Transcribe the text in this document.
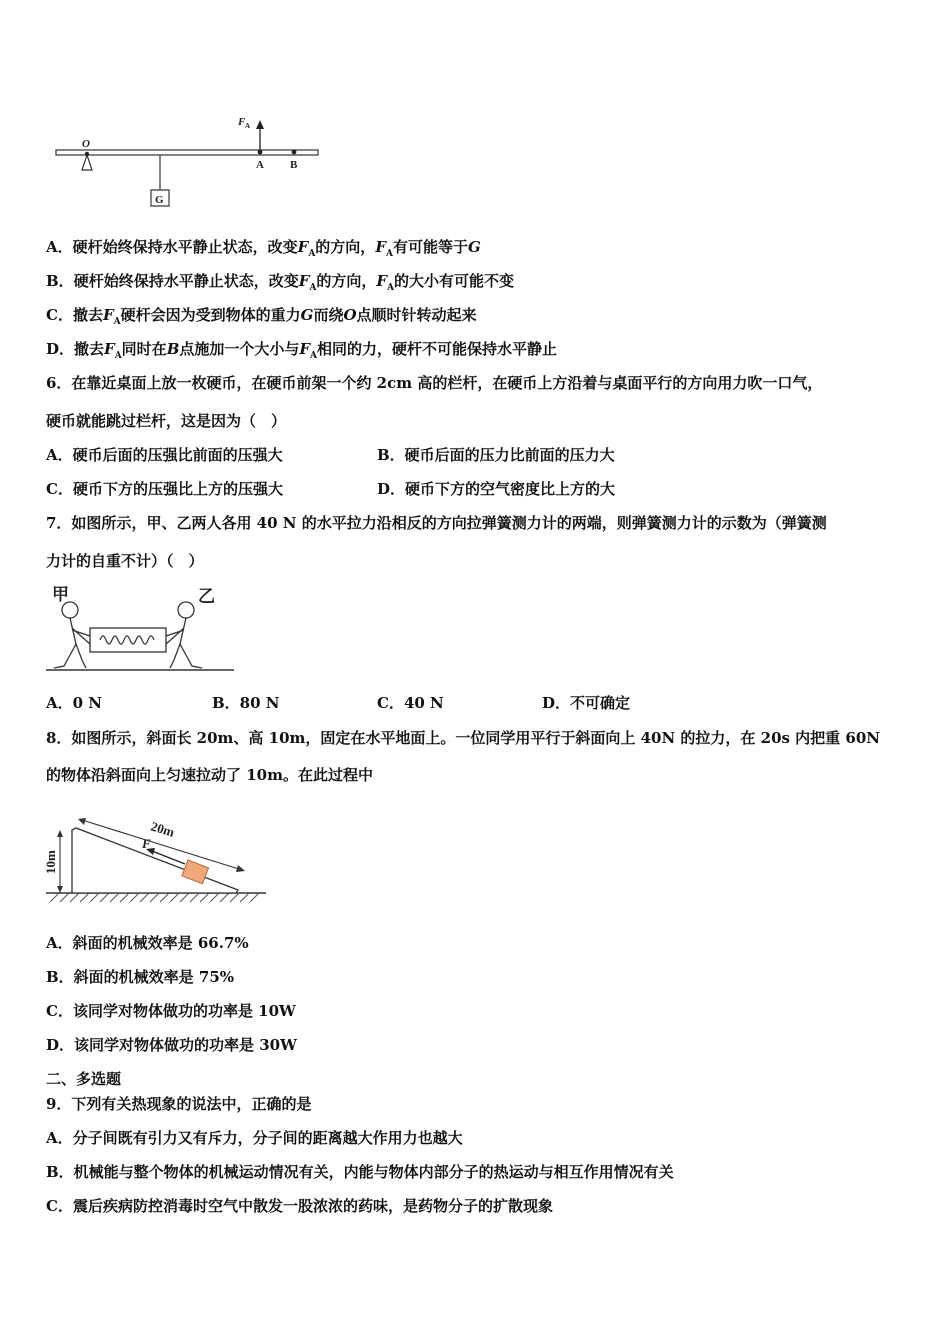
O
G
F A
A B
A．硬杆始终保持水平静止状态，改变$F_A$的方向，$F_A$有可能等于G
B．硬杆始终保持水平静止状态，改变$F_A$的方向，$F_A$的大小有可能不变
C．撤去$F_A$硬杆会因为受到物体的重力G而绕O点顺时针转动起来
D．撤去$F_A$同时在B点施加一个大小与$F_A$相同的力，硬杆不可能保持水平静止
6．在靠近桌面上放一枚硬币，在硬币前架一个约 2cm 高的栏杆，在硬币上方沿着与桌面平行的方向用力吹一口气，
硬币就能跳过栏杆，这是因为（　）
A．硬币后面的压强比前面的压强大	B．硬币后面的压力比前面的压力大
C．硬币下方的压强比上方的压强大	D．硬币下方的空气密度比上方的大
7．如图所示，甲、乙两人各用 40 N 的水平拉力沿相反的方向拉弹簧测力计的两端，则弹簧测力计的示数为（弹簧测
力计的自重不计）（　）
甲	乙
A．0 N	B．80 N	C．40 N	D．不可确定
8．如图所示，斜面长 20m、高 10m，固定在水平地面上。一位同学用平行于斜面向上 40N 的拉力，在 20s 内把重 60N
的物体沿斜面向上匀速拉动了 10m。在此过程中
10m
20m
F
A．斜面的机械效率是 66.7%
B．斜面的机械效率是 75%
C．该同学对物体做功的功率是 10W
D．该同学对物体做功的功率是 30W
二、多选题
9．下列有关热现象的说法中，正确的是
A．分子间既有引力又有斥力，分子间的距离越大作用力也越大
B．机械能与整个物体的机械运动情况有关，内能与物体内部分子的热运动与相互作用情况有关
C．震后疾病防控消毒时空气中散发一股浓浓的药味，是药物分子的扩散现象
